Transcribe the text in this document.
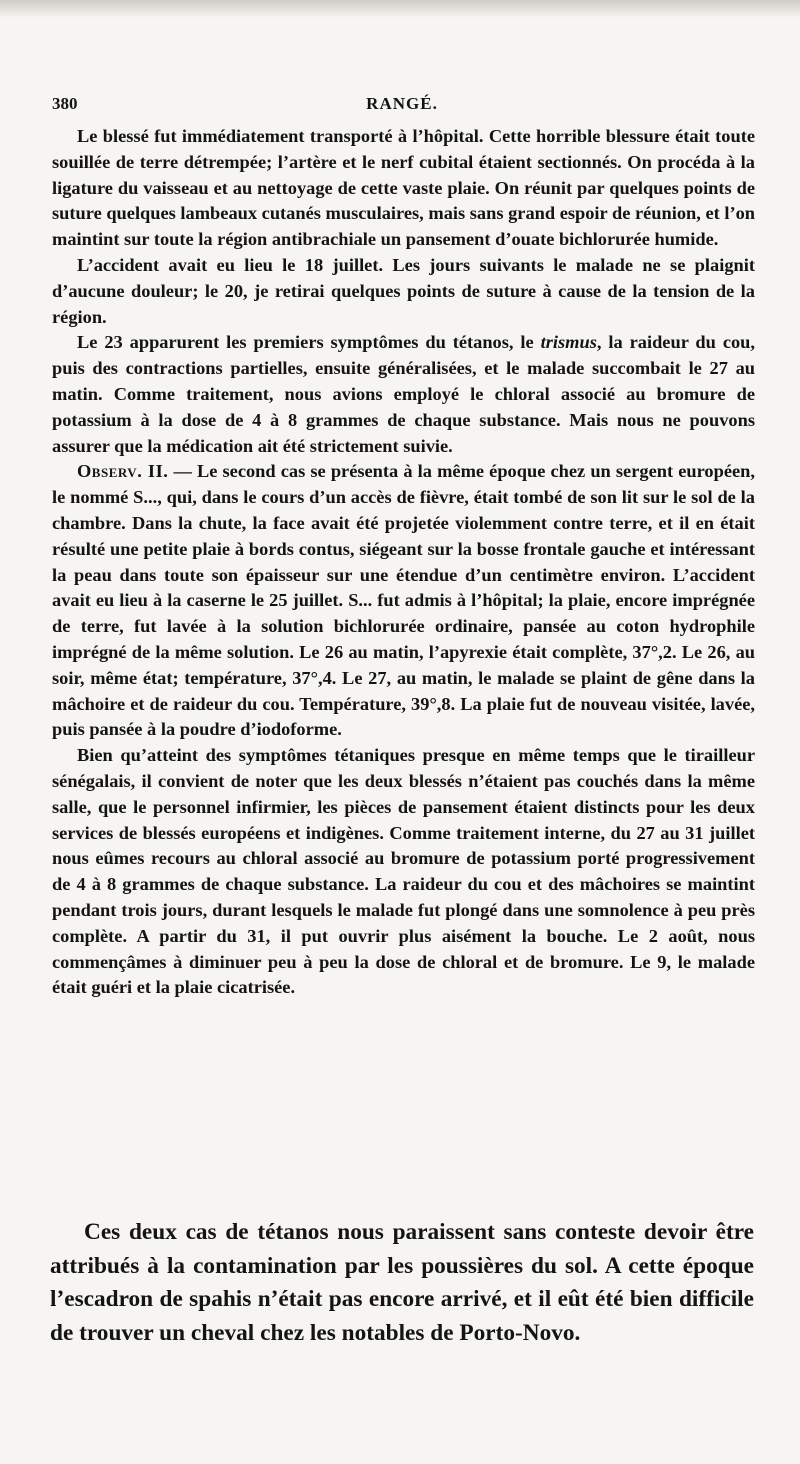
380	RANGÉ.

Le blessé fut immédiatement transporté à l’hôpital. Cette horrible blessure était toute souillée de terre détrempée; l’artère et le nerf cubital étaient sectionnés. On procéda à la ligature du vaisseau et au nettoyage de cette vaste plaie. On réunit par quelques points de suture quelques lambeaux cutanés musculaires, mais sans grand espoir de réunion, et l’on maintint sur toute la région antibrachiale un pansement d’ouate bichlorurée humide.

L’accident avait eu lieu le 18 juillet. Les jours suivants le malade ne se plaignit d’aucune douleur; le 20, je retirai quelques points de suture à cause de la tension de la région.

Le 23 apparurent les premiers symptômes du tétanos, le trismus, la raideur du cou, puis des contractions partielles, ensuite généralisées, et le malade succombait le 27 au matin. Comme traitement, nous avions employé le chloral associé au bromure de potassium à la dose de 4 à 8 grammes de chaque substance. Mais nous ne pouvons assurer que la médication ait été strictement suivie.

Observ. II. — Le second cas se présenta à la même époque chez un sergent européen, le nommé S..., qui, dans le cours d’un accès de fièvre, était tombé de son lit sur le sol de la chambre. Dans la chute, la face avait été projetée violemment contre terre, et il en était résulté une petite plaie à bords contus, siégeant sur la bosse frontale gauche et intéressant la peau dans toute son épaisseur sur une étendue d’un centimètre environ. L’accident avait eu lieu à la caserne le 25 juillet. S... fut admis à l’hôpital; la plaie, encore imprégnée de terre, fut lavée à la solution bichlorurée ordinaire, pansée au coton hydrophile imprégné de la même solution. Le 26 au matin, l’apyrexie était complète, 37°,2. Le 26, au soir, même état; température, 37°,4. Le 27, au matin, le malade se plaint de gêne dans la mâchoire et de raideur du cou. Température, 39°,8. La plaie fut de nouveau visitée, lavée, puis pansée à la poudre d’iodoforme.

Bien qu’atteint des symptômes tétaniques presque en même temps que le tirailleur sénégalais, il convient de noter que les deux blessés n’étaient pas couchés dans la même salle, que le personnel infirmier, les pièces de pansement étaient distincts pour les deux services de blessés européens et indigènes. Comme traitement interne, du 27 au 31 juillet nous eûmes recours au chloral associé au bromure de potassium porté progressivement de 4 à 8 grammes de chaque substance. La raideur du cou et des mâchoires se maintint pendant trois jours, durant lesquels le malade fut plongé dans une somnolence à peu près complète. A partir du 31, il put ouvrir plus aisément la bouche. Le 2 août, nous commençâmes à diminuer peu à peu la dose de chloral et de bromure. Le 9, le malade était guéri et la plaie cicatrisée.

Ces deux cas de tétanos nous paraissent sans conteste devoir être attribués à la contamination par les poussières du sol. A cette époque l’escadron de spahis n’était pas encore arrivé, et il eût été bien difficile de trouver un cheval chez les notables de Porto-Novo.
